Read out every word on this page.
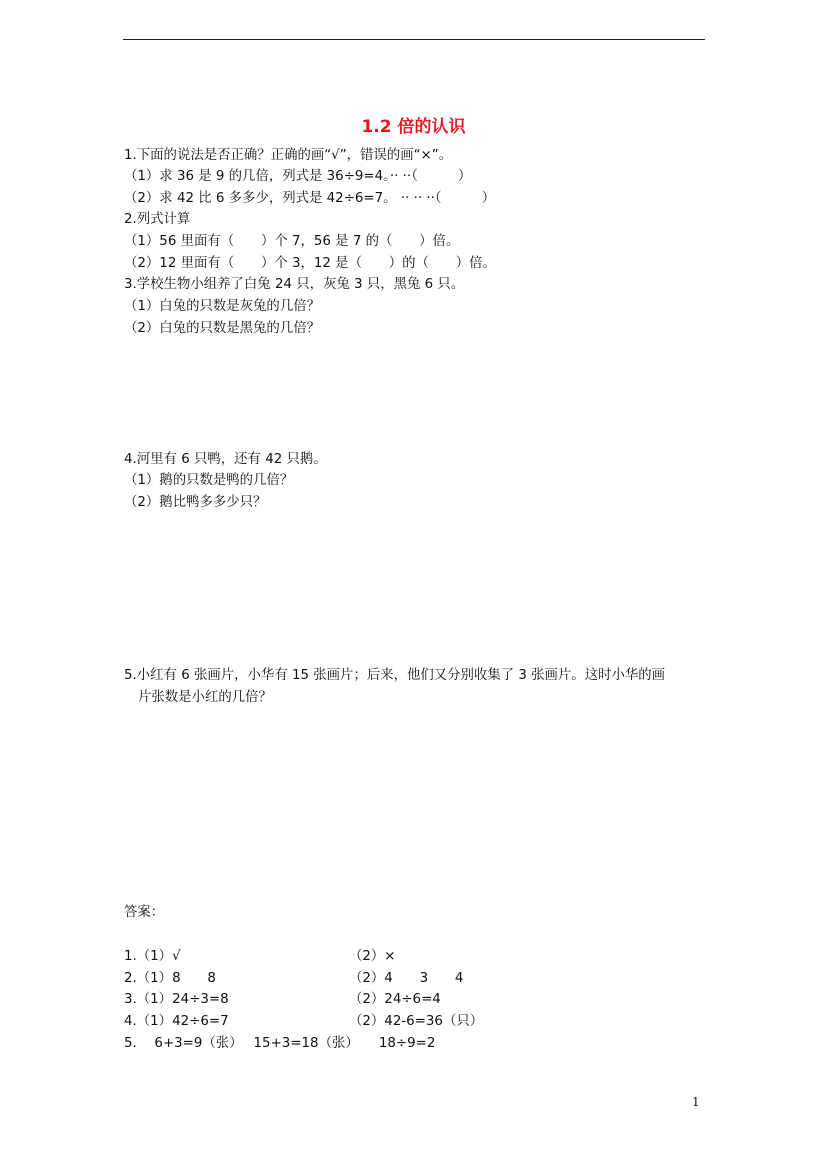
1.2 倍的认识
1.下面的说法是否正确？正确的画“√”，错误的画“×”。
（1）求 36 是 9 的几倍，列式是 36÷9=4。·· ··（　　　）
（2）求 42 比 6 多多少，列式是 42÷6=7。 ·· ·· ··（　　　）
2.列式计算
（1）56 里面有（　　）个 7，56 是 7 的（　　）倍。
（2）12 里面有（　　）个 3，12 是（　　）的（　　）倍。
3.学校生物小组养了白兔 24 只，灰兔 3 只，黑兔 6 只。
（1）白兔的只数是灰兔的几倍？
（2）白兔的只数是黑兔的几倍？
4.河里有 6 只鸭，还有 42 只鹅。
（1）鹅的只数是鸭的几倍？
（2）鹅比鸭多多少只？
5.小红有 6 张画片，小华有 15 张画片；后来，他们又分别收集了 3 张画片。这时小华的画
片张数是小红的几倍？
答案：
1.（1）√	（2）×
2.（1）8　　8	（2）4　　3　　4
3.（1）24÷3=8	（2）24÷6=4
4.（1）42÷6=7	（2）42-6=36（只）
5.　 6+3=9（张）　 15+3=18（张）　　18÷9=2
1
